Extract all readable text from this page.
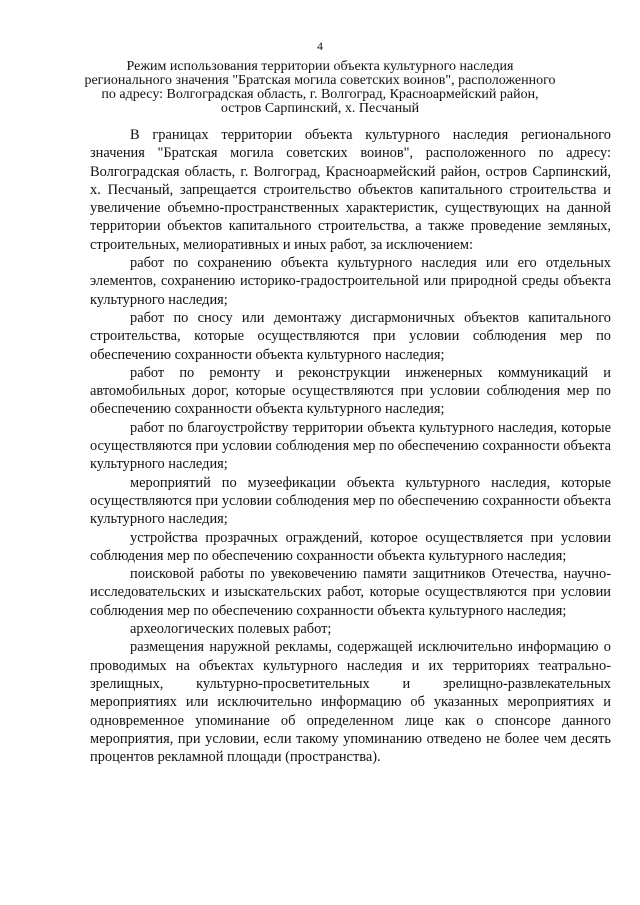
4
Режим использования территории объекта культурного наследия
регионального значения "Братская могила советских воинов", расположенного
по адресу: Волгоградская область, г. Волгоград, Красноармейский район,
остров Сарпинский, х. Песчаный

В границах территории объекта культурного наследия регионального значения "Братская могила советских воинов", расположенного по адресу: Волгоградская область, г. Волгоград, Красноармейский район, остров Сарпинский, х. Песчаный, запрещается строительство объектов капитального строительства и увеличение объемно-пространственных характеристик, существующих на данной территории объектов капитального строительства, а также проведение земляных, строительных, мелиоративных и иных работ, за исключением:

работ по сохранению объекта культурного наследия или его отдельных элементов, сохранению историко-градостроительной или природной среды объекта культурного наследия;

работ по сносу или демонтажу дисгармоничных объектов капитального строительства, которые осуществляются при условии соблюдения мер по обеспечению сохранности объекта культурного наследия;

работ по ремонту и реконструкции инженерных коммуникаций и автомобильных дорог, которые осуществляются при условии соблюдения мер по обеспечению сохранности объекта культурного наследия;

работ по благоустройству территории объекта культурного наследия, которые осуществляются при условии соблюдения мер по обеспечению сохранности объекта культурного наследия;

мероприятий по музеефикации объекта культурного наследия, которые осуществляются при условии соблюдения мер по обеспечению сохранности объекта культурного наследия;

устройства прозрачных ограждений, которое осуществляется при условии соблюдения мер по обеспечению сохранности объекта культурного наследия;

поисковой работы по увековечению памяти защитников Отечества, научно-исследовательских и изыскательских работ, которые осуществляются при условии соблюдения мер по обеспечению сохранности объекта культурного наследия;

археологических полевых работ;

размещения наружной рекламы, содержащей исключительно информацию о проводимых на объектах культурного наследия и их территориях театрально-зрелищных, культурно-просветительных и зрелищно-развлекательных мероприятиях или исключительно информацию об указанных мероприятиях и одновременное упоминание об определенном лице как о спонсоре данного мероприятия, при условии, если такому упоминанию отведено не более чем десять процентов рекламной площади (пространства).
